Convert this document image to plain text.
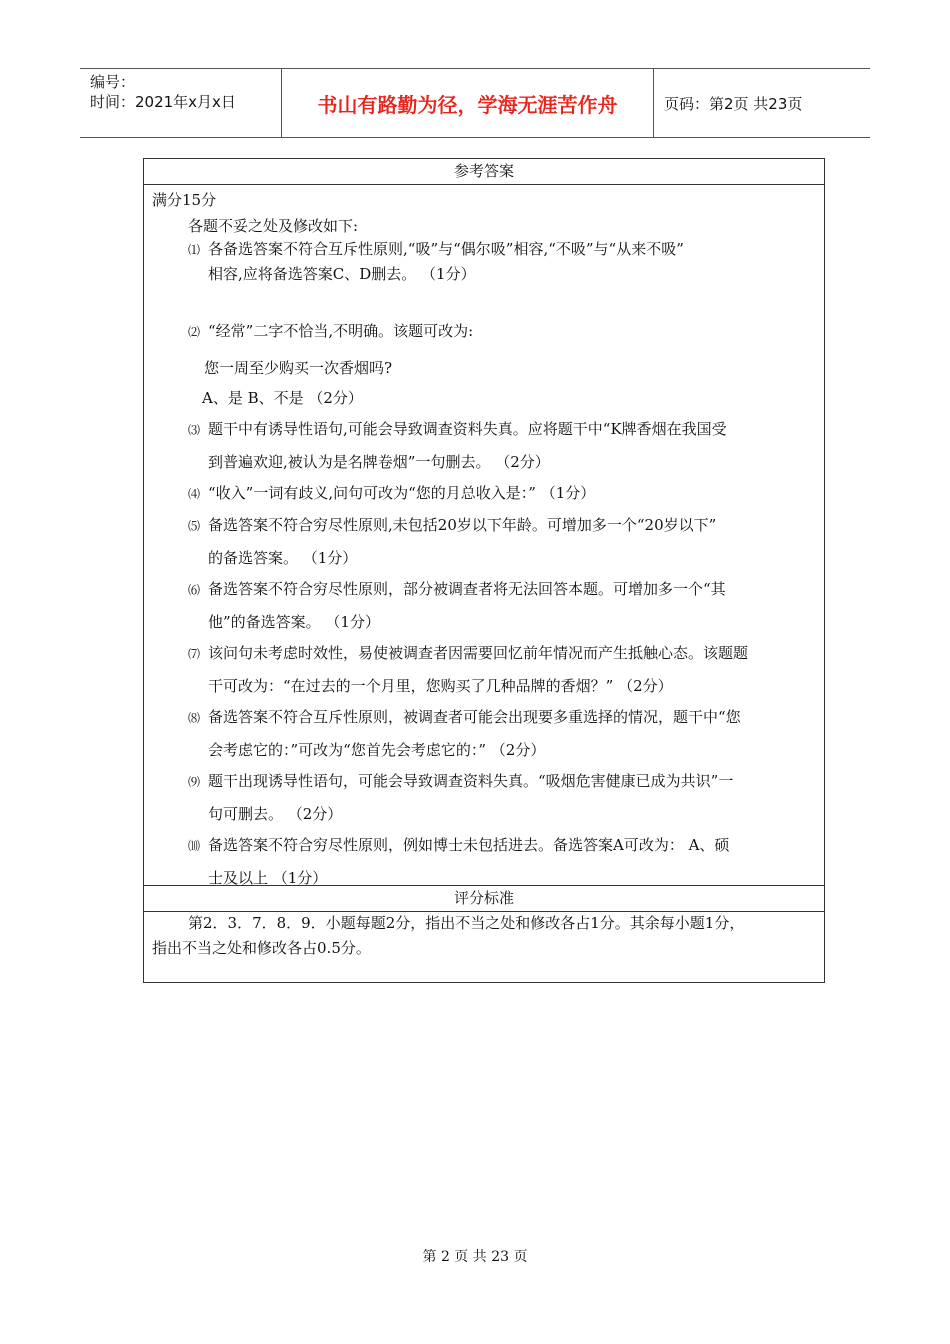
编号：
时间：2021年x月x日	书山有路勤为径，学海无涯苦作舟	页码：第2页 共23页
参考答案
满分15分
各题不妥之处及修改如下:
⑴ 各备选答案不符合互斥性原则,“吸”与“偶尔吸”相容,“不吸”与“从来不吸”
相容,应将备选答案C、D删去。 （1分）
⑵ “经常”二字不恰当,不明确。该题可改为:
您一周至少购买一次香烟吗?
A、是 B、不是 （2分）
⑶ 题干中有诱导性语句,可能会导致调查资料失真。应将题干中“K牌香烟在我国受
到普遍欢迎,被认为是名牌卷烟”一句删去。 （2分）
⑷ “收入”一词有歧义,问句可改为“您的月总收入是：” （1分）
⑸ 备选答案不符合穷尽性原则,未包括20岁以下年龄。可增加多一个“20岁以下”
的备选答案。 （1分）
⑹ 备选答案不符合穷尽性原则，部分被调查者将无法回答本题。可增加多一个“其
他”的备选答案。 （1分）
⑺ 该问句未考虑时效性，易使被调查者因需要回忆前年情况而产生抵触心态。该题题
干可改为：“在过去的一个月里，您购买了几种品牌的香烟？” （2分）
⑻ 备选答案不符合互斥性原则，被调查者可能会出现要多重选择的情况，题干中“您
会考虑它的：”可改为“您首先会考虑它的：” （2分）
⑼ 题干出现诱导性语句，可能会导致调查资料失真。“吸烟危害健康已成为共识”一
句可删去。 （2分）
⑽ 备选答案不符合穷尽性原则，例如博士未包括进去。备选答案A可改为： A、硕
士及以上 （1分）
评分标准
第2．3．7．8．9．小题每题2分，指出不当之处和修改各占1分。其余每小题1分，
指出不当之处和修改各占0.5分。
第 2 页 共 23 页
